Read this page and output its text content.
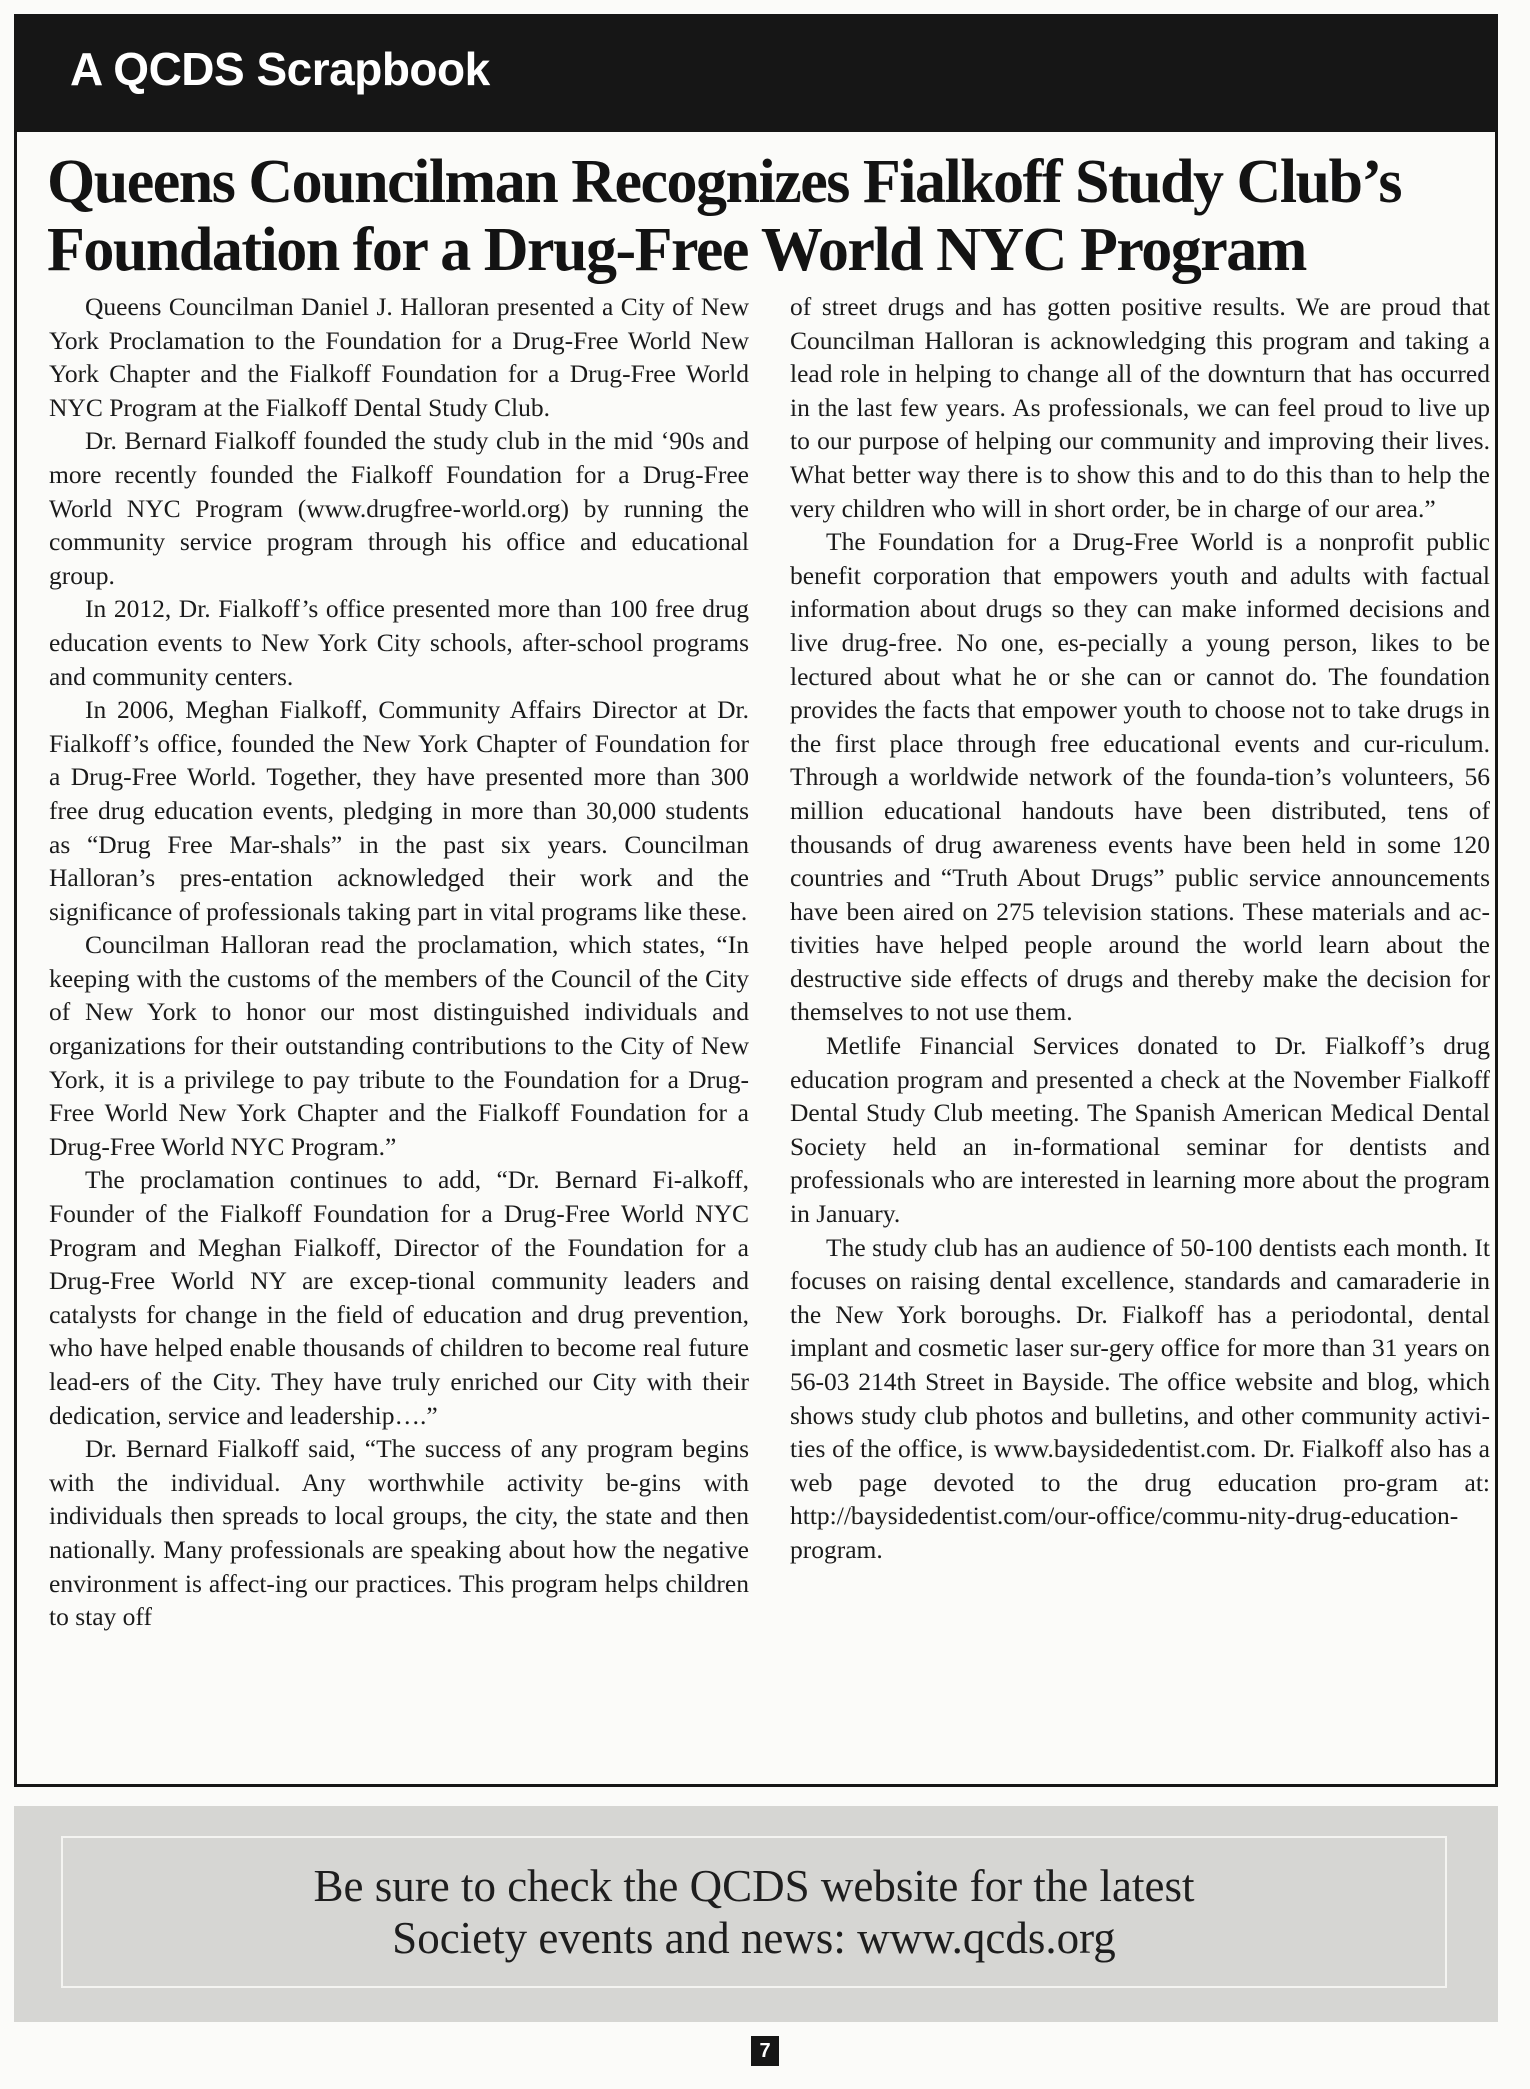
A QCDS Scrapbook
Queens Councilman Recognizes Fialkoff Study Club’s
Foundation for a Drug-Free World NYC Program

Queens Councilman Daniel J. Halloran presented a City of New York Proclamation to the Foundation for a Drug-Free World New York Chapter and the Fialkoff Foundation for a Drug-Free World NYC Program at the Fialkoff Dental Study Club.

Dr. Bernard Fialkoff founded the study club in the mid ‘90s and more recently founded the Fialkoff Foundation for a Drug-Free World NYC Program (www.drugfree-world.org) by running the community service program through his office and educational group.

In 2012, Dr. Fialkoff’s office presented more than 100 free drug education events to New York City schools, after-school programs and community centers.

In 2006, Meghan Fialkoff, Community Affairs Director at Dr. Fialkoff’s office, founded the New York Chapter of Foundation for a Drug-Free World. Together, they have presented more than 300 free drug education events, pledging in more than 30,000 students as “Drug Free Mar-shals” in the past six years. Councilman Halloran’s pres-entation acknowledged their work and the significance of professionals taking part in vital programs like these.

Councilman Halloran read the proclamation, which states, “In keeping with the customs of the members of the Council of the City of New York to honor our most distinguished individuals and organizations for their outstanding contributions to the City of New York, it is a privilege to pay tribute to the Foundation for a Drug-Free World New York Chapter and the Fialkoff Foundation for a Drug-Free World NYC Program.”

The proclamation continues to add, “Dr. Bernard Fi-alkoff, Founder of the Fialkoff Foundation for a Drug-Free World NYC Program and Meghan Fialkoff, Director of the Foundation for a Drug-Free World NY are excep-tional community leaders and catalysts for change in the field of education and drug prevention, who have helped enable thousands of children to become real future lead-ers of the City. They have truly enriched our City with their dedication, service and leadership….”

Dr. Bernard Fialkoff said, “The success of any program begins with the individual. Any worthwhile activity be-gins with individuals then spreads to local groups, the city, the state and then nationally. Many professionals are speaking about how the negative environment is affect-ing our practices. This program helps children to stay off

of street drugs and has gotten positive results. We are proud that Councilman Halloran is acknowledging this program and taking a lead role in helping to change all of the downturn that has occurred in the last few years. As professionals, we can feel proud to live up to our purpose of helping our community and improving their lives. What better way there is to show this and to do this than to help the very children who will in short order, be in charge of our area.”

The Foundation for a Drug-Free World is a nonprofit public benefit corporation that empowers youth and adults with factual information about drugs so they can make informed decisions and live drug-free. No one, es-pecially a young person, likes to be lectured about what he or she can or cannot do. The foundation provides the facts that empower youth to choose not to take drugs in the first place through free educational events and cur-riculum. Through a worldwide network of the founda-tion’s volunteers, 56 million educational handouts have been distributed, tens of thousands of drug awareness events have been held in some 120 countries and “Truth About Drugs” public service announcements have been aired on 275 television stations. These materials and ac-tivities have helped people around the world learn about the destructive side effects of drugs and thereby make the decision for themselves to not use them.

Metlife Financial Services donated to Dr. Fialkoff’s drug education program and presented a check at the November Fialkoff Dental Study Club meeting. The Spanish American Medical Dental Society held an in-formational seminar for dentists and professionals who are interested in learning more about the program in January.

The study club has an audience of 50-100 dentists each month. It focuses on raising dental excellence, standards and camaraderie in the New York boroughs. Dr. Fialkoff has a periodontal, dental implant and cosmetic laser sur-gery office for more than 31 years on 56-03 214th Street in Bayside. The office website and blog, which shows study club photos and bulletins, and other community activi-ties of the office, is www.baysidedentist.com. Dr. Fialkoff also has a web page devoted to the drug education pro-gram at: http://baysidedentist.com/our-office/commu-nity-drug-education-program.

Be sure to check the QCDS website for the latest
Society events and news: www.qcds.org
7
